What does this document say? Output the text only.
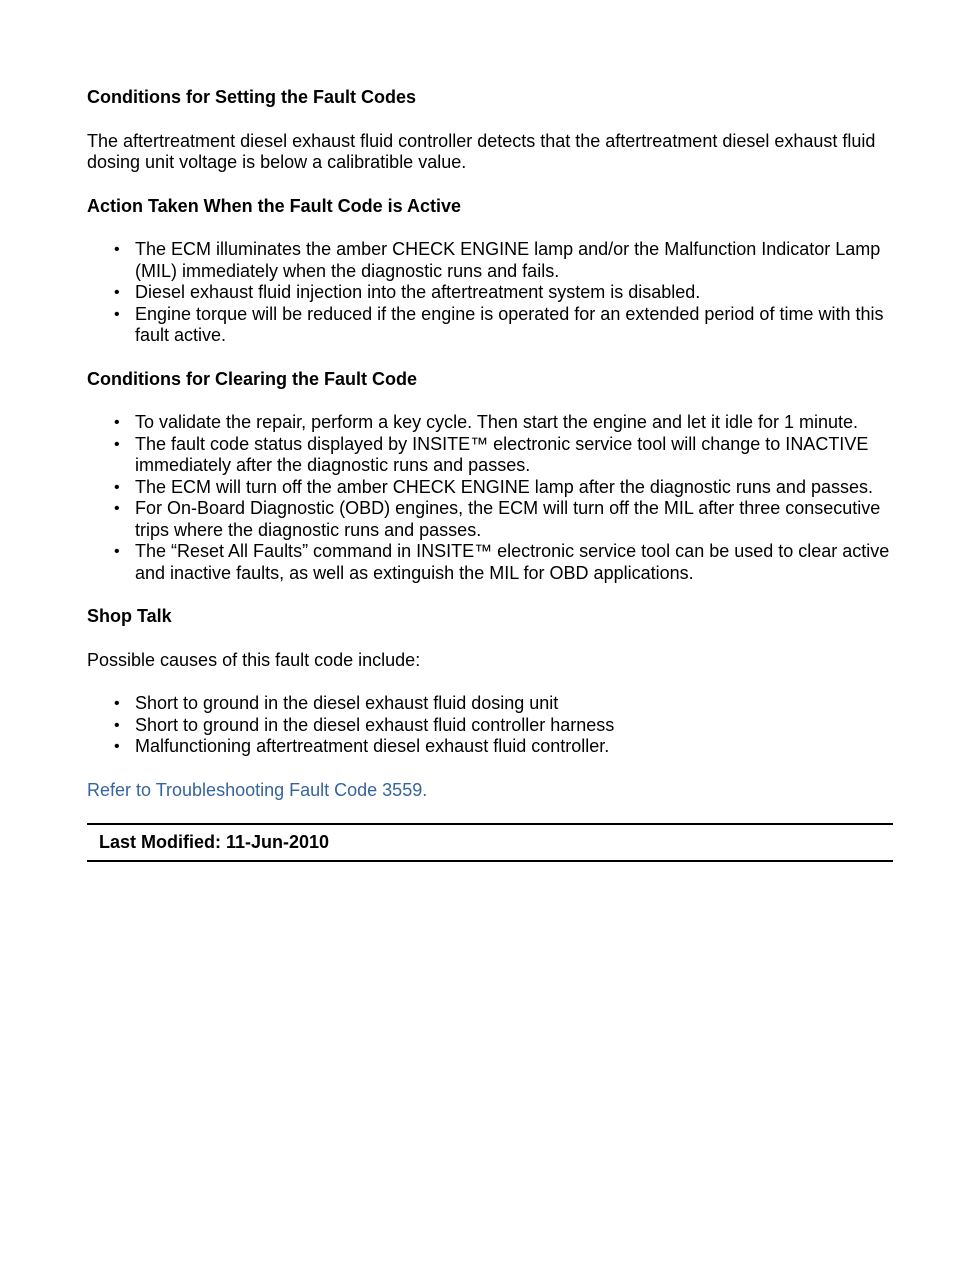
Conditions for Setting the Fault Codes

The aftertreatment diesel exhaust fluid controller detects that the aftertreatment diesel exhaust fluid dosing unit voltage is below a calibratible value.

Action Taken When the Fault Code is Active
• The ECM illuminates the amber CHECK ENGINE lamp and/or the Malfunction Indicator Lamp (MIL) immediately when the diagnostic runs and fails.
• Diesel exhaust fluid injection into the aftertreatment system is disabled.
• Engine torque will be reduced if the engine is operated for an extended period of time with this fault active.
Conditions for Clearing the Fault Code
• To validate the repair, perform a key cycle. Then start the engine and let it idle for 1 minute.
• The fault code status displayed by INSITE™ electronic service tool will change to INACTIVE immediately after the diagnostic runs and passes.
• The ECM will turn off the amber CHECK ENGINE lamp after the diagnostic runs and passes.
• For On-Board Diagnostic (OBD) engines, the ECM will turn off the MIL after three consecutive trips where the diagnostic runs and passes.
• The “Reset All Faults” command in INSITE™ electronic service tool can be used to clear active and inactive faults, as well as extinguish the MIL for OBD applications.
Shop Talk

Possible causes of this fault code include:

• Short to ground in the diesel exhaust fluid dosing unit
• Short to ground in the diesel exhaust fluid controller harness
• Malfunctioning aftertreatment diesel exhaust fluid controller.
Refer to Troubleshooting Fault Code 3559.
Last Modified: 11-Jun-2010
